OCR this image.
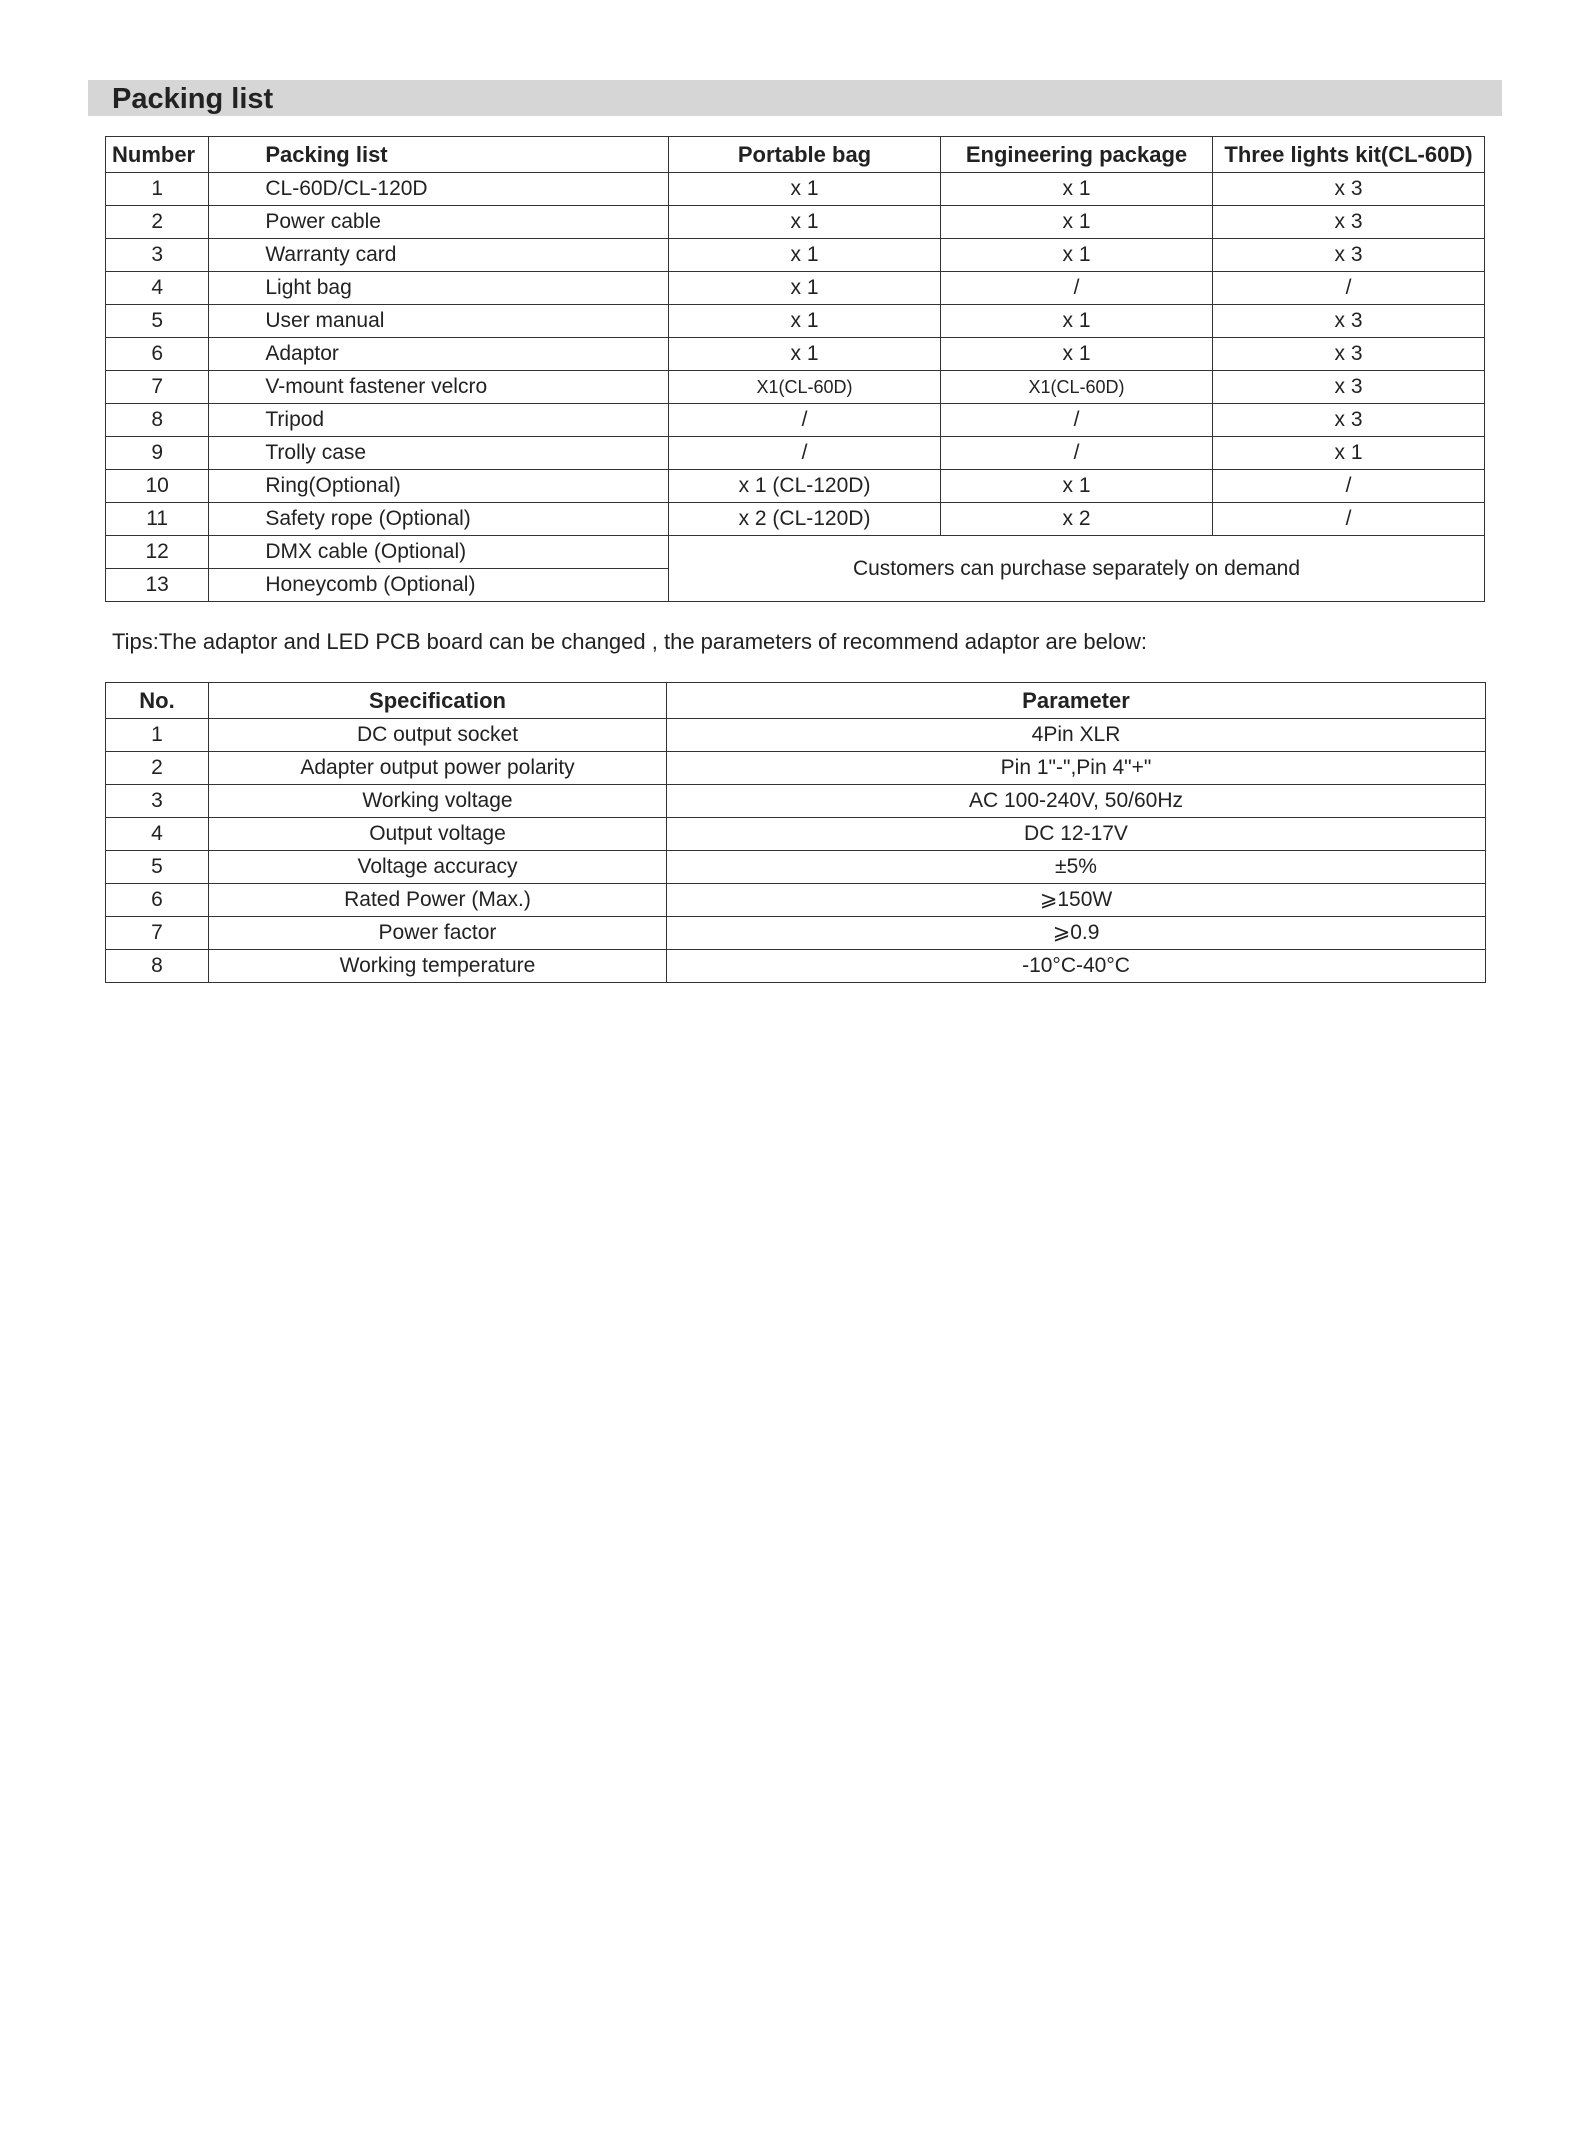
Packing list
Number	Packing list	Portable bag	Engineering package	Three lights kit(CL-60D)
1	CL-60D/CL-120D	x 1	x 1	x 3
2	Power cable	x 1	x 1	x 3
3	Warranty card	x 1	x 1	x 3
4	Light bag	x 1	/	/
5	User manual	x 1	x 1	x 3
6	Adaptor	x 1	x 1	x 3
7	V-mount fastener velcro	X1(CL-60D)	X1(CL-60D)	x 3
8	Tripod	/	/	x 3
9	Trolly case	/	/	x 1
10	Ring(Optional)	x 1 (CL-120D)	x 1	/
11	Safety rope (Optional)	x 2 (CL-120D)	x 2	/
12	DMX cable (Optional)	Customers can purchase separately on demand		
13	Honeycomb (Optional)			
Tips:The adaptor and LED PCB board can be changed , the parameters of recommend adaptor are below:
No.	Specification	Parameter
1	DC output socket	4Pin XLR
2	Adapter output power polarity	Pin 1"-",Pin 4"+"
3	Working voltage	AC 100-240V, 50/60Hz
4	Output voltage	DC 12-17V
5	Voltage accuracy	±5%
6	Rated Power (Max.)	⩾150W
7	Power factor	⩾0.9
8	Working temperature	-10°C-40°C
